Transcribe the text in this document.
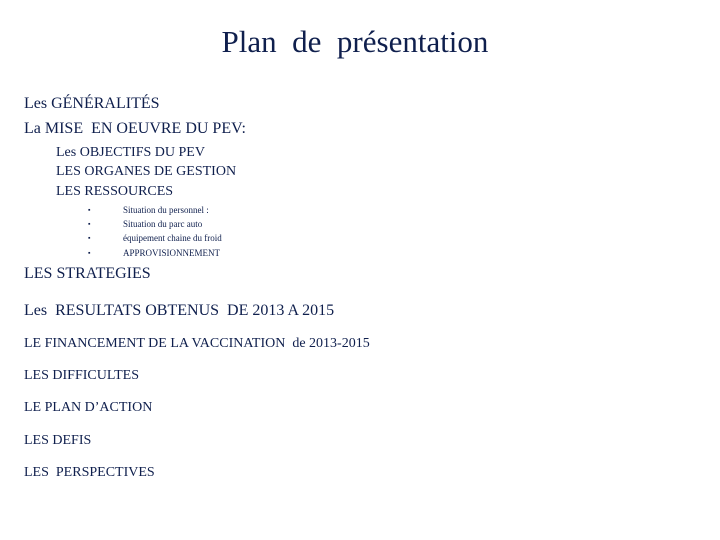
Plan  de  présentation
Les GÉNÉRALITÉS
La MISE  EN OEUVRE DU PEV:
Les OBJECTIFS DU PEV
LES ORGANES DE GESTION
LES RESSOURCES
▪	Situation du personnel :
▪	Situation du parc auto
▪	équipement chaine du froid
▪	APPROVISIONNEMENT
LES STRATEGIES
Les  RESULTATS OBTENUS  DE 2013 A 2015
LE FINANCEMENT DE LA VACCINATION  de 2013-2015
LES DIFFICULTES
LE PLAN D’ACTION
LES DEFIS
LES  PERSPECTIVES
